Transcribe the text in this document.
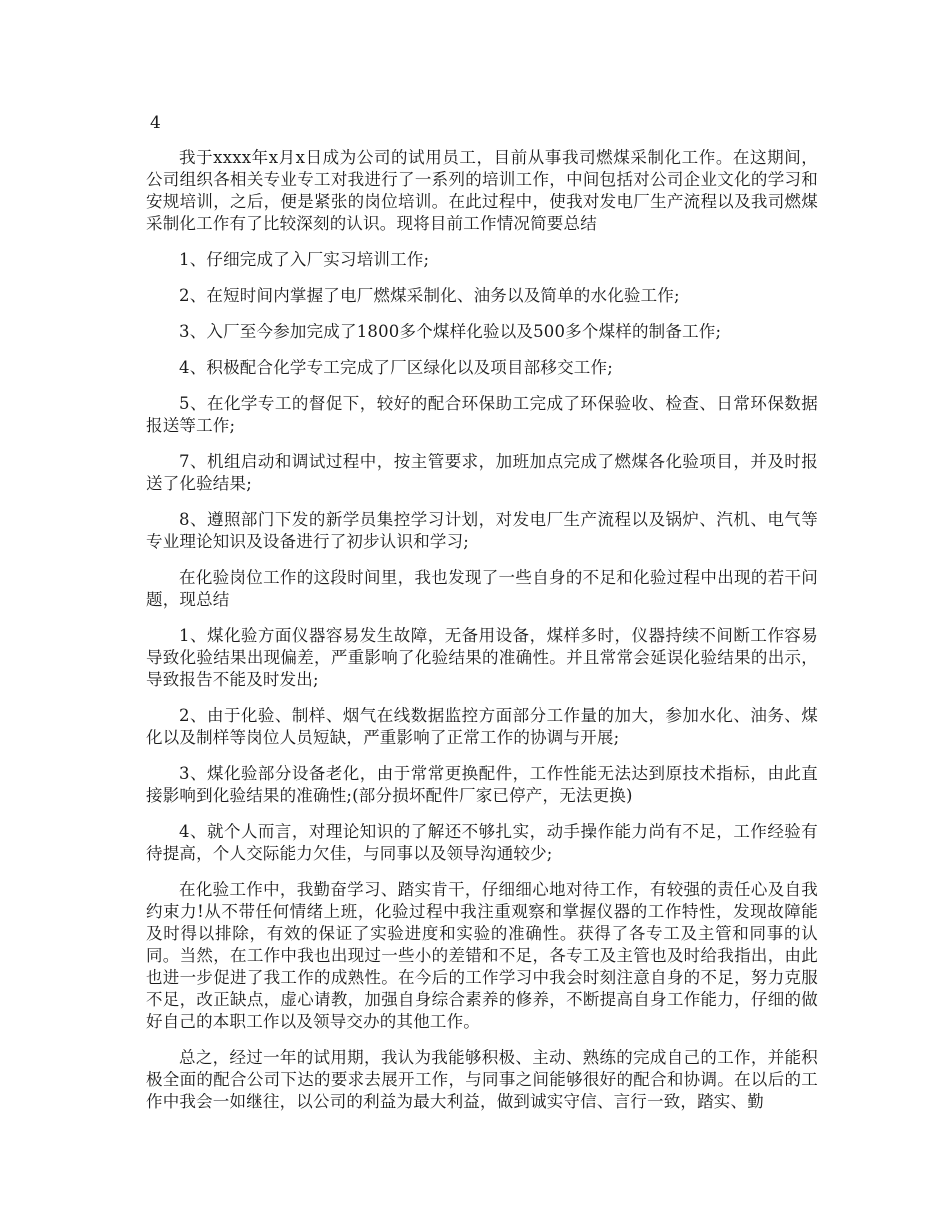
4

我于xxxx年x月x日成为公司的试用员工，目前从事我司燃煤采制化工作。在这期间，公司组织各相关专业专工对我进行了一系列的培训工作，中间包括对公司企业文化的学习和安规培训，之后，便是紧张的岗位培训。在此过程中，使我对发电厂生产流程以及我司燃煤采制化工作有了比较深刻的认识。现将目前工作情况简要总结

1、仔细完成了入厂实习培训工作;

2、在短时间内掌握了电厂燃煤采制化、油务以及简单的水化验工作;

3、入厂至今参加完成了1800多个煤样化验以及500多个煤样的制备工作;

4、积极配合化学专工完成了厂区绿化以及项目部移交工作;

5、在化学专工的督促下，较好的配合环保助工完成了环保验收、检查、日常环保数据报送等工作;

7、机组启动和调试过程中，按主管要求，加班加点完成了燃煤各化验项目，并及时报送了化验结果;

8、遵照部门下发的新学员集控学习计划，对发电厂生产流程以及锅炉、汽机、电气等专业理论知识及设备进行了初步认识和学习;

在化验岗位工作的这段时间里，我也发现了一些自身的不足和化验过程中出现的若干问题，现总结

1、煤化验方面仪器容易发生故障，无备用设备，煤样多时，仪器持续不间断工作容易导致化验结果出现偏差，严重影响了化验结果的准确性。并且常常会延误化验结果的出示，导致报告不能及时发出;

2、由于化验、制样、烟气在线数据监控方面部分工作量的加大，参加水化、油务、煤化以及制样等岗位人员短缺，严重影响了正常工作的协调与开展;

3、煤化验部分设备老化，由于常常更换配件，工作性能无法达到原技术指标，由此直接影响到化验结果的准确性;(部分损坏配件厂家已停产，无法更换)

4、就个人而言，对理论知识的了解还不够扎实，动手操作能力尚有不足，工作经验有待提高，个人交际能力欠佳，与同事以及领导沟通较少;

在化验工作中，我勤奋学习、踏实肯干，仔细细心地对待工作，有较强的责任心及自我约束力!从不带任何情绪上班，化验过程中我注重观察和掌握仪器的工作特性，发现故障能及时得以排除，有效的保证了实验进度和实验的准确性。获得了各专工及主管和同事的认同。当然，在工作中我也出现过一些小的差错和不足，各专工及主管也及时给我指出，由此也进一步促进了我工作的成熟性。在今后的工作学习中我会时刻注意自身的不足，努力克服不足，改正缺点，虚心请教，加强自身综合素养的修养，不断提高自身工作能力，仔细的做好自己的本职工作以及领导交办的其他工作。

总之，经过一年的试用期，我认为我能够积极、主动、熟练的完成自己的工作，并能积极全面的配合公司下达的要求去展开工作，与同事之间能够很好的配合和协调。在以后的工作中我会一如继往，以公司的利益为最大利益，做到诚实守信、言行一致，踏实、勤
